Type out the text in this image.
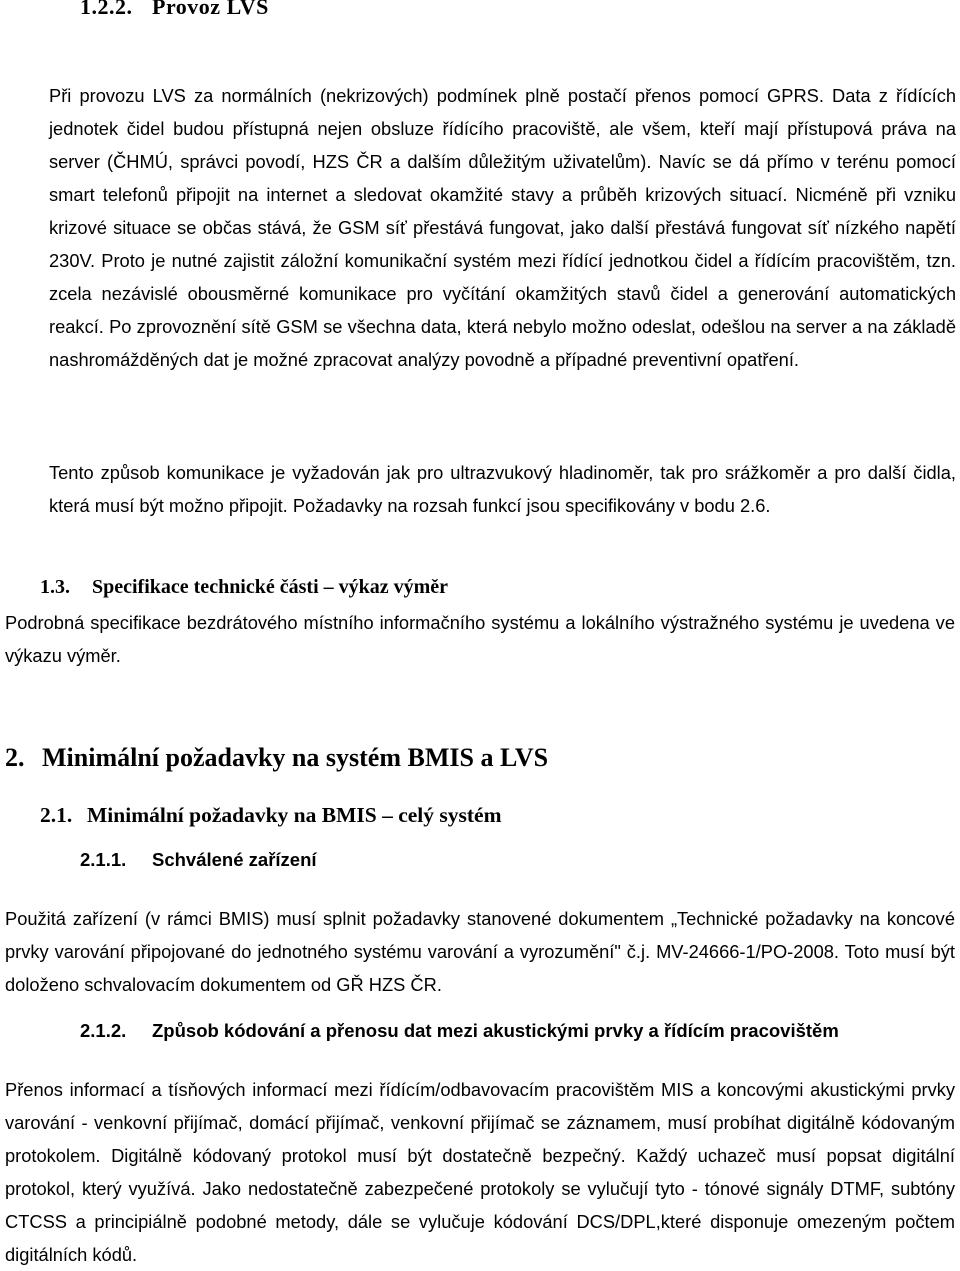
1.2.2. Provoz LVS
Při provozu LVS za normálních (nekrizových) podmínek plně postačí přenos pomocí GPRS. Data z řídících jednotek čidel budou přístupná nejen obsluze řídícího pracoviště, ale všem, kteří mají přístupová práva na server (ČHMÚ, správci povodí, HZS ČR a dalším důležitým uživatelům). Navíc se dá přímo v terénu pomocí smart telefonů připojit na internet a sledovat okamžité stavy a průběh krizových situací. Nicméně při vzniku krizové situace se občas stává, že GSM síť přestává fungovat, jako další přestává fungovat síť nízkého napětí 230V. Proto je nutné zajistit záložní komunikační systém mezi řídící jednotkou čidel a řídícím pracovištěm, tzn. zcela nezávislé obousměrné komunikace pro vyčítání okamžitých stavů čidel a generování automatických reakcí. Po zprovoznění sítě GSM se všechna data, která nebylo možno odeslat, odešlou na server a na základě nashromážděných dat je možné zpracovat analýzy povodně a případné preventivní opatření.
Tento způsob komunikace je vyžadován jak pro ultrazvukový hladinoměr, tak pro srážkoměr a pro další čidla, která musí být možno připojit. Požadavky na rozsah funkcí jsou specifikovány v bodu 2.6.
1.3. Specifikace technické části – výkaz výměr
Podrobná specifikace bezdrátového místního informačního systému a lokálního výstražného systému je uvedena ve výkazu výměr.
2. Minimální požadavky na systém BMIS a LVS
2.1. Minimální požadavky na BMIS – celý systém
2.1.1. Schválené zařízení
Použitá zařízení (v rámci BMIS) musí splnit požadavky stanovené dokumentem „Technické požadavky na koncové prvky varování připojované do jednotného systému varování a vyrozumění" č.j. MV-24666-1/PO-2008. Toto musí být doloženo schvalovacím dokumentem od GŘ HZS ČR.
2.1.2. Způsob kódování a přenosu dat mezi akustickými prvky a řídícím pracovištěm
Přenos informací a tísňových informací mezi řídícím/odbavovacím pracovištěm MIS a koncovými akustickými prvky varování - venkovní přijímač, domácí přijímač, venkovní přijímač se záznamem, musí probíhat digitálně kódovaným protokolem. Digitálně kódovaný protokol musí být dostatečně bezpečný. Každý uchazeč musí popsat digitální protokol, který využívá. Jako nedostatečně zabezpečené protokoly se vylučují tyto - tónové signály DTMF, subtóny CTCSS a principiálně podobné metody, dále se vylučuje kódování DCS/DPL,které disponuje omezeným počtem digitálních kódů.
